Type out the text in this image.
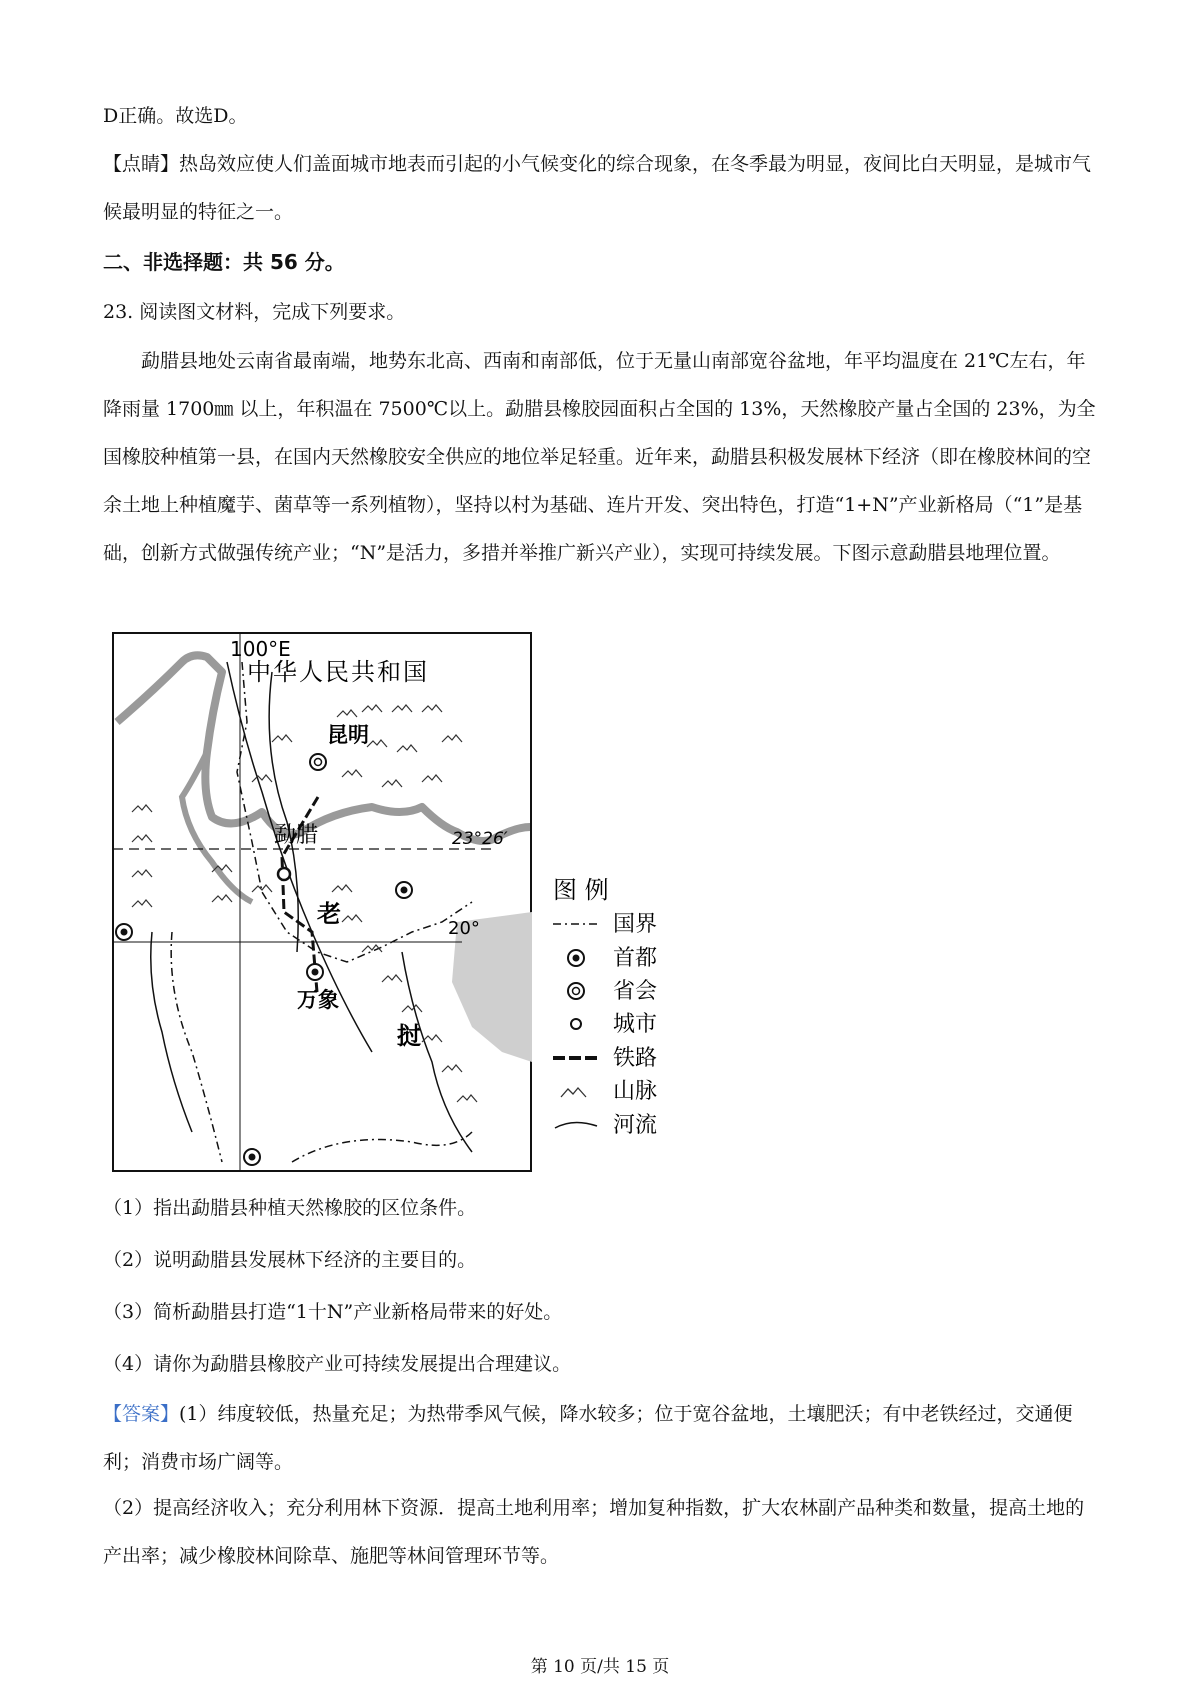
D正确。故选D。

【点睛】热岛效应使人们盖面城市地表而引起的小气候变化的综合现象，在冬季最为明显，夜间比白天明显，是城市气候最明显的特征之一。

二、非选择题：共 56 分。

23. 阅读图文材料，完成下列要求。

勐腊县地处云南省最南端，地势东北高、西南和南部低，位于无量山南部宽谷盆地，年平均温度在 21℃左右，年降雨量 1700㎜ 以上，年积温在 7500℃以上。勐腊县橡胶园面积占全国的 13%，天然橡胶产量占全国的 23%，为全国橡胶种植第一县，在国内天然橡胶安全供应的地位举足轻重。近年来，勐腊县积极发展林下经济（即在橡胶林间的空余土地上种植魔芋、菌草等一系列植物），坚持以村为基础、连片开发、突出特色，打造“1+N”产业新格局（“1”是基础，创新方式做强传统产业；“N”是活力，多措并举推广新兴产业），实现可持续发展。下图示意勐腊县地理位置。

100°E
中华人民共和国
昆明
勐腊	23°26′
20°
老
万象
挝
图 例
国界
首都
省会
城市
铁路
山脉
河流

（1）指出勐腊县种植天然橡胶的区位条件。

（2）说明勐腊县发展林下经济的主要目的。

（3）简析勐腊县打造“1十N”产业新格局带来的好处。

（4）请你为勐腊县橡胶产业可持续发展提出合理建议。

【答案】(1）纬度较低，热量充足；为热带季风气候，降水较多；位于宽谷盆地，土壤肥沃；有中老铁经过，交通便利；消费市场广阔等。

（2）提高经济收入；充分利用林下资源．提高土地利用率；增加复种指数，扩大农林副产品种类和数量，提高土地的产出率；减少橡胶林间除草、施肥等林间管理环节等。

第 10 页/共 15 页
